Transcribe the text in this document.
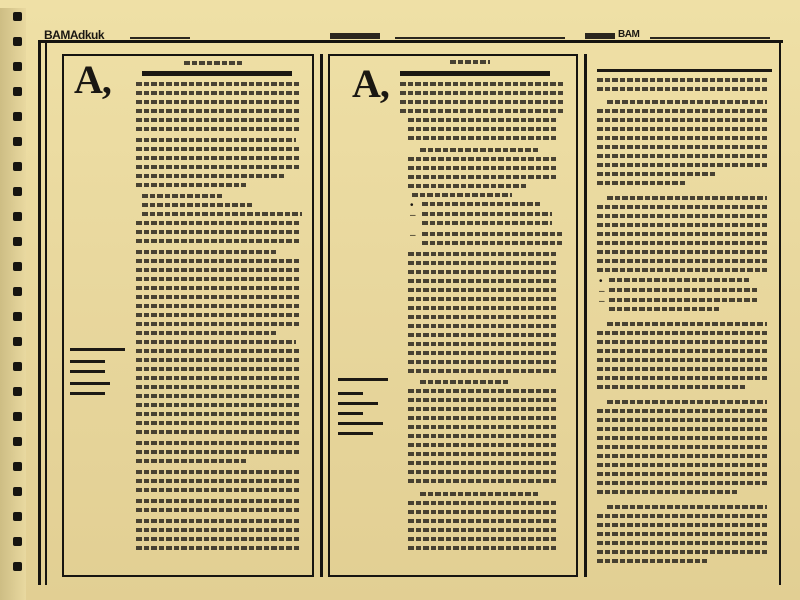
BAMAdkuk	BAM
A,	A,
•
–
–
•
–
–
